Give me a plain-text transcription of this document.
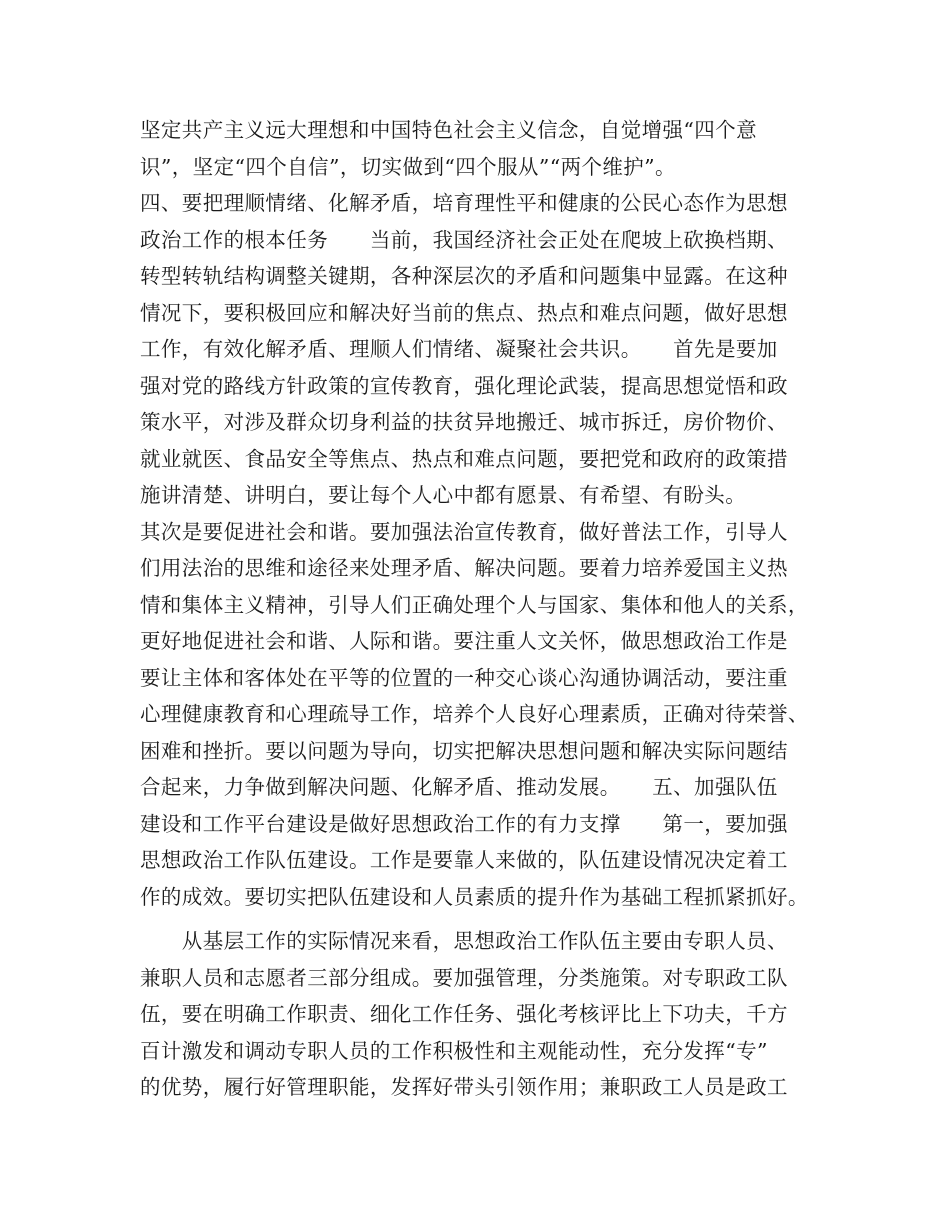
坚定共产主义远大理想和中国特色社会主义信念，自觉增强“四个意
识”，坚定“四个自信”，切实做到“四个服从”“两个维护”。
四、要把理顺情绪、化解矛盾，培育理性平和健康的公民心态作为思想
政治工作的根本任务　　当前，我国经济社会正处在爬坡上砍换档期、
转型转轨结构调整关键期，各种深层次的矛盾和问题集中显露。在这种
情况下，要积极回应和解决好当前的焦点、热点和难点问题，做好思想
工作，有效化解矛盾、理顺人们情绪、凝聚社会共识。　　首先是要加
强对党的路线方针政策的宣传教育，强化理论武装，提高思想觉悟和政
策水平，对涉及群众切身利益的扶贫异地搬迁、城市拆迁，房价物价、
就业就医、食品安全等焦点、热点和难点问题，要把党和政府的政策措
施讲清楚、讲明白，要让每个人心中都有愿景、有希望、有盼头。
其次是要促进社会和谐。要加强法治宣传教育，做好普法工作，引导人
们用法治的思维和途径来处理矛盾、解决问题。要着力培养爱国主义热
情和集体主义精神，引导人们正确处理个人与国家、集体和他人的关系，
更好地促进社会和谐、人际和谐。要注重人文关怀，做思想政治工作是
要让主体和客体处在平等的位置的一种交心谈心沟通协调活动，要注重
心理健康教育和心理疏导工作，培养个人良好心理素质，正确对待荣誉、
困难和挫折。要以问题为导向，切实把解决思想问题和解决实际问题结
合起来，力争做到解决问题、化解矛盾、推动发展。　　五、加强队伍
建设和工作平台建设是做好思想政治工作的有力支撑　　第一，要加强
思想政治工作队伍建设。工作是要靠人来做的，队伍建设情况决定着工
作的成效。要切实把队伍建设和人员素质的提升作为基础工程抓紧抓好。
　　从基层工作的实际情况来看，思想政治工作队伍主要由专职人员、
兼职人员和志愿者三部分组成。要加强管理，分类施策。对专职政工队
伍，要在明确工作职责、细化工作任务、强化考核评比上下功夫，千方
百计激发和调动专职人员的工作积极性和主观能动性，充分发挥“专”
的优势，履行好管理职能，发挥好带头引领作用；兼职政工人员是政工
